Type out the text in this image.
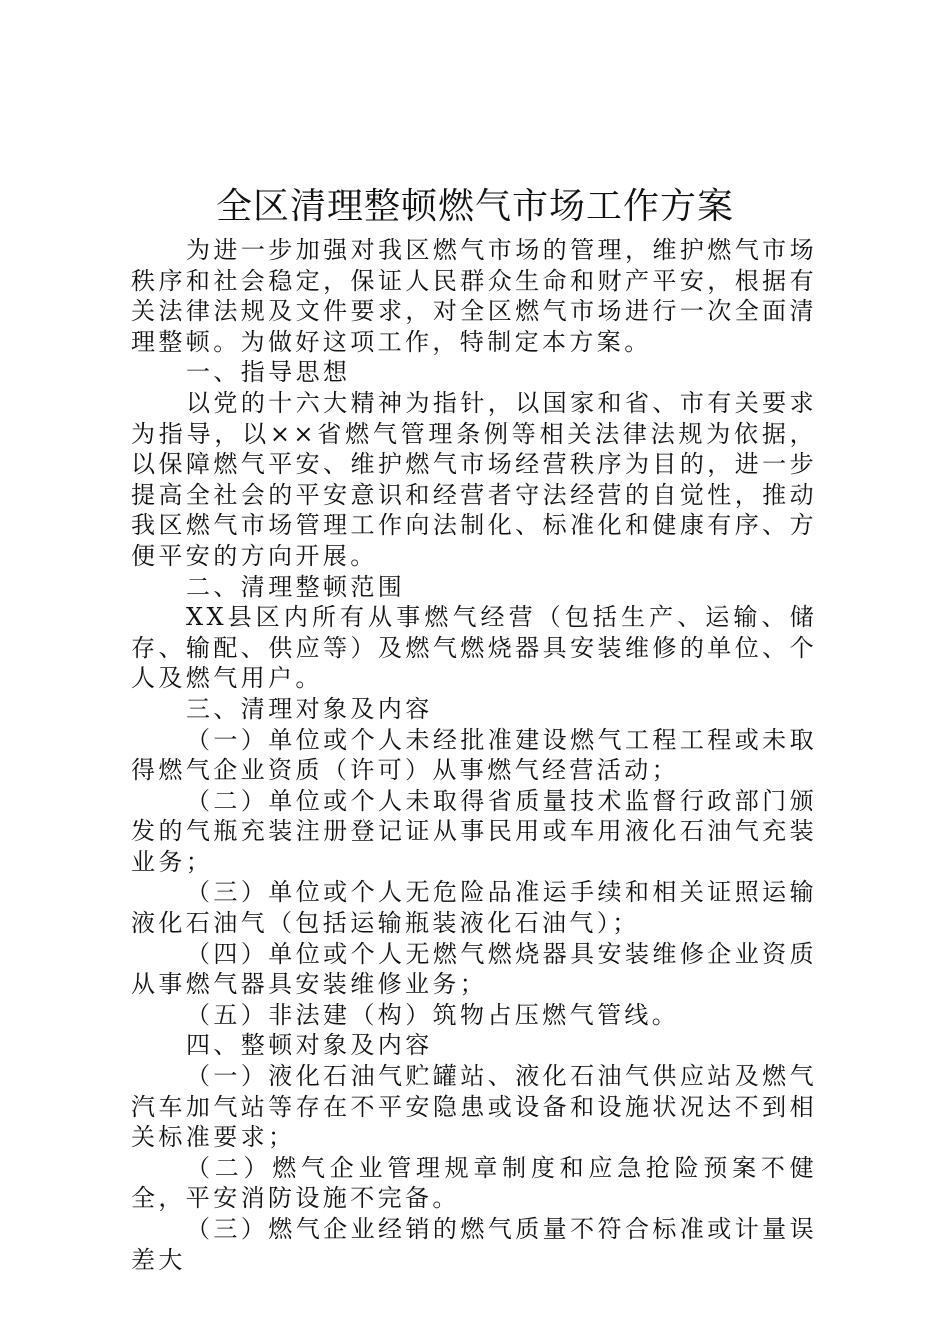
全区清理整顿燃气市场工作方案

为进一步加强对我区燃气市场的管理，维护燃气市场秩序和社会稳定，保证人民群众生命和财产平安，根据有关法律法规及文件要求，对全区燃气市场进行一次全面清理整顿。为做好这项工作，特制定本方案。

一、指导思想

以党的十六大精神为指针，以国家和省、市有关要求为指导，以××省燃气管理条例等相关法律法规为依据，以保障燃气平安、维护燃气市场经营秩序为目的，进一步提高全社会的平安意识和经营者守法经营的自觉性，推动我区燃气市场管理工作向法制化、标准化和健康有序、方便平安的方向开展。

二、清理整顿范围

XX县区内所有从事燃气经营（包括生产、运输、储存、输配、供应等）及燃气燃烧器具安装维修的单位、个人及燃气用户。

三、清理对象及内容

（一）单位或个人未经批准建设燃气工程工程或未取得燃气企业资质（许可）从事燃气经营活动；

（二）单位或个人未取得省质量技术监督行政部门颁发的气瓶充装注册登记证从事民用或车用液化石油气充装业务；

（三）单位或个人无危险品准运手续和相关证照运输液化石油气（包括运输瓶装液化石油气）；

（四）单位或个人无燃气燃烧器具安装维修企业资质从事燃气器具安装维修业务；

（五）非法建（构）筑物占压燃气管线。

四、整顿对象及内容

（一）液化石油气贮罐站、液化石油气供应站及燃气汽车加气站等存在不平安隐患或设备和设施状况达不到相关标准要求；

（二）燃气企业管理规章制度和应急抢险预案不健全，平安消防设施不完备。

（三）燃气企业经销的燃气质量不符合标准或计量误差大
